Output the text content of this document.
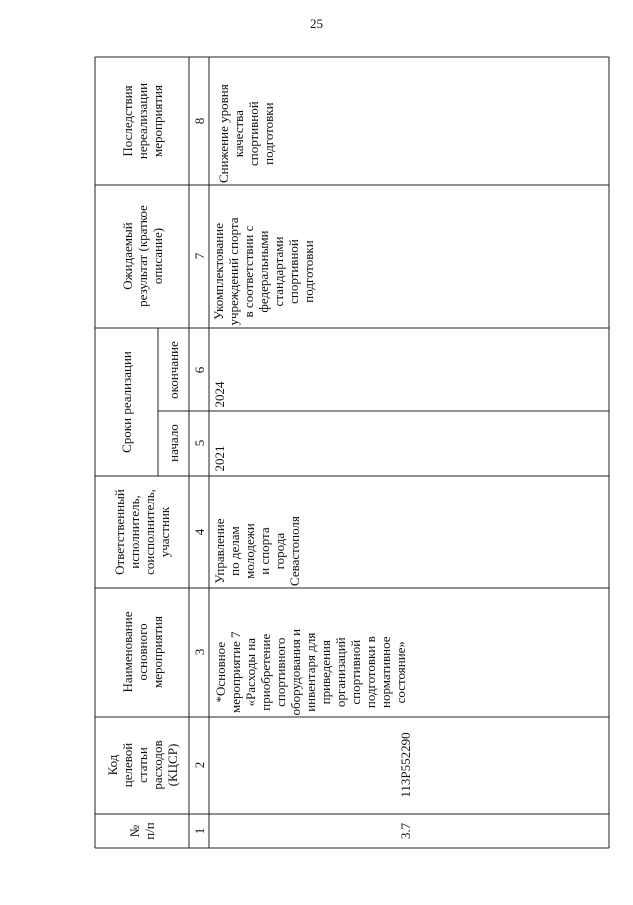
25
Последствия
нереализации
мероприятия
Ожидаемый
результат (краткое
описание)
Сроки реализации	окончание
начало
Ответственный
исполнитель,
соисполнитель,
участник
Наименование
основного
мероприятия
Код
целевой
статьи
расходов
(КЦСР)
№
п/п
8
7
6
5
4
3
2
1
Снижение уровня
качества
спортивной
подготовки
Укомплектование
учреждений спорта
в соответствии с
федеральными
стандартами
спортивной
подготовки
2024
2021
Управление
по делам
молодежи
и спорта
города
Севастополя
*Основное
мероприятие 7
«Расходы на
приобретение
спортивного
оборудования и
инвентаря для
приведения
организаций
спортивной
подготовки в
нормативное
состояние»
113P552290
3.7
